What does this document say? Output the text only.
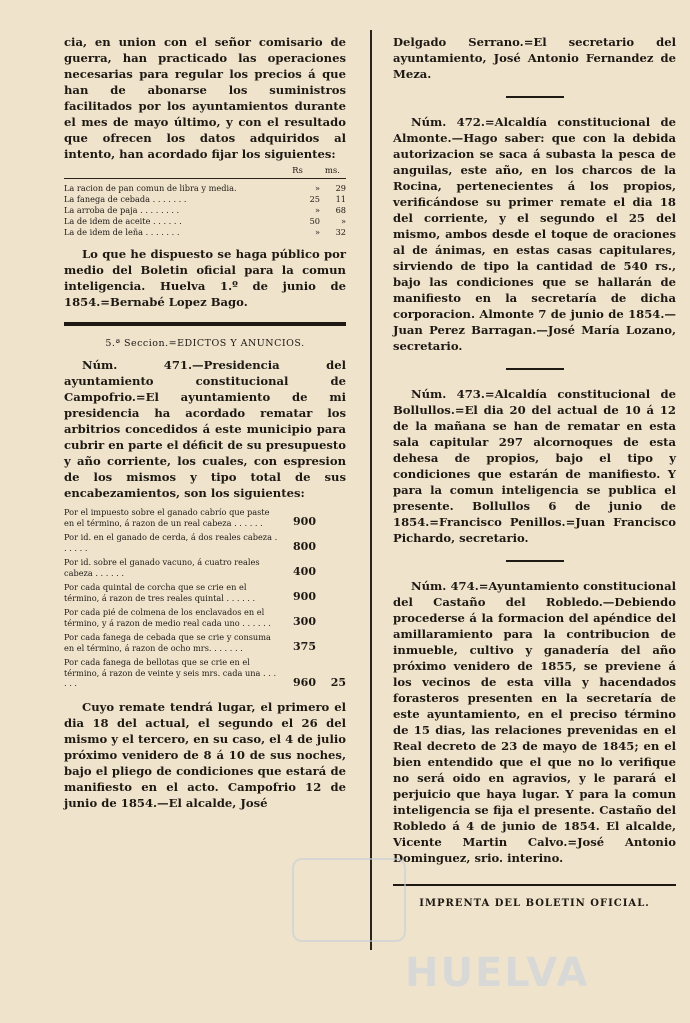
cia, en union con el señor comisario de guerra, han practicado las operaciones necesarias para regular los precios á que han de abonarse los suministros facilitados por los ayuntamientos durante el mes de mayo último, y con el resultado que ofrecen los datos adquiridos al intento, han acordado fijar los siguientes:

Rs	ms.
La racion de pan comun de libra y media.	»	29
La fanega de cebada . . . . . . .	25	11
La arroba de paja . . . . . . . .	»	68
La de idem de aceite . . . . . .	50	»
La de idem de leña . . . . . . .	»	32

Lo que he dispuesto se haga público por medio del Boletin oficial para la comun inteligencia. Huelva 1.º de junio de 1854.=Bernabé Lopez Bago.

5.ª Seccion.=EDICTOS Y ANUNCIOS.

Núm. 471.—Presidencia del ayuntamiento constitucional de Campofrio.=El ayuntamiento de mi presidencia ha acordado rematar los arbitrios concedidos á este municipio para cubrir en parte el déficit de su presupuesto y año corriente, los cuales, con espresion de los mismos y tipo total de sus encabezamientos, son los siguientes:

Por el impuesto sobre el ganado cabrío que paste en el término, á razon de un real cabeza . . . . . .	900
Por id. en el ganado de cerda, á dos reales cabeza . . . . . .	800
Por id. sobre el ganado vacuno, á cuatro reales cabeza . . . . . .	400
Por cada quintal de corcha que se crie en el término, á razon de tres reales quintal . . . . . .	900
Por cada pié de colmena de los enclavados en el término, y á razon de medio real cada uno . . . . . .	300
Por cada fanega de cebada que se crie y consuma en el término, á razon de ocho mrs. . . . . . .	375
Por cada fanega de bellotas que se crie en el término, á razon de veinte y seis mrs. cada una . . . . . .	960	25

Cuyo remate tendrá lugar, el primero el dia 18 del actual, el segundo el 26 del mismo y el tercero, en su caso, el 4 de julio próximo venidero de 8 á 10 de sus noches, bajo el pliego de condiciones que estará de manifiesto en el acto. Campofrio 12 de junio de 1854.—El alcalde, José

Delgado Serrano.=El secretario del ayuntamiento, José Antonio Fernandez de Meza.

Núm. 472.=Alcaldía constitucional de Almonte.—Hago saber: que con la debida autorizacion se saca á subasta la pesca de anguilas, este año, en los charcos de la Rocina, pertenecientes á los propios, verificándose su primer remate el dia 18 del corriente, y el segundo el 25 del mismo, ambos desde el toque de oraciones al de ánimas, en estas casas capitulares, sirviendo de tipo la cantidad de 540 rs., bajo las condiciones que se hallarán de manifiesto en la secretaría de dicha corporacion. Almonte 7 de junio de 1854.—Juan Perez Barragan.—José María Lozano, secretario.

Núm. 473.=Alcaldía constitucional de Bollullos.=El dia 20 del actual de 10 á 12 de la mañana se han de rematar en esta sala capitular 297 alcornoques de esta dehesa de propios, bajo el tipo y condiciones que estarán de manifiesto. Y para la comun inteligencia se publica el presente. Bollullos 6 de junio de 1854.=Francisco Penillos.=Juan Francisco Pichardo, secretario.

Núm. 474.=Ayuntamiento constitucional del Castaño del Robledo.—Debiendo procederse á la formacion del apéndice del amillaramiento para la contribucion de inmueble, cultivo y ganadería del año próximo venidero de 1855, se previene á los vecinos de esta villa y hacendados forasteros presenten en la secretaría de este ayuntamiento, en el preciso término de 15 dias, las relaciones prevenidas en el Real decreto de 23 de mayo de 1845; en el bien entendido que el que no lo verifique no será oido en agravios, y le parará el perjuicio que haya lugar. Y para la comun inteligencia se fija el presente. Castaño del Robledo á 4 de junio de 1854. El alcalde, Vicente Martin Calvo.=José Antonio Dominguez, srio. interino.

IMPRENTA DEL BOLETIN OFICIAL.
HUELVA
